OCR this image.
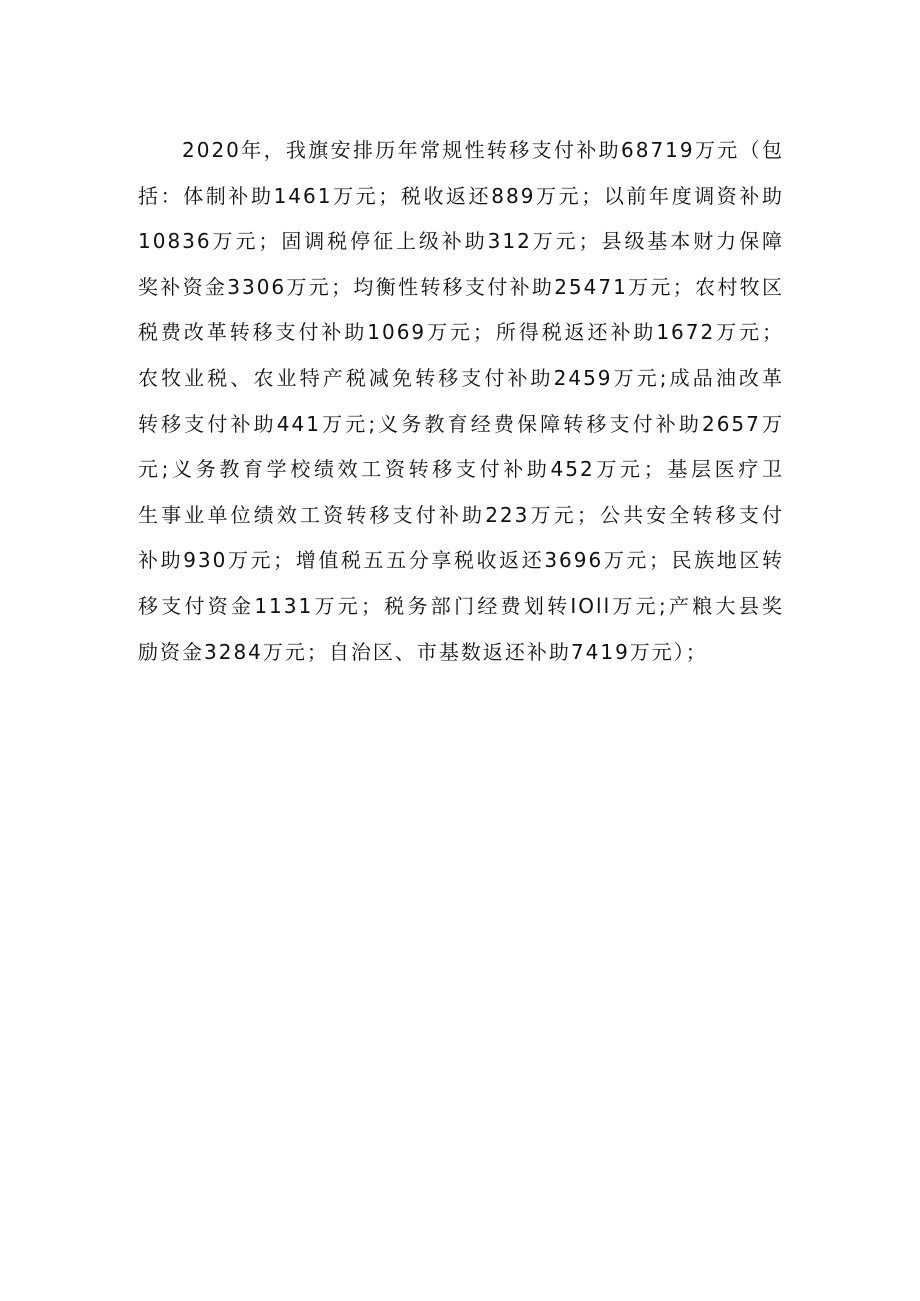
2020年，我旗安排历年常规性转移支付补助68719万元（包
括：体制补助1461万元；税收返还889万元；以前年度调资补助
10836万元；固调税停征上级补助312万元；县级基本财力保障
奖补资金3306万元；均衡性转移支付补助25471万元；农村牧区
税费改革转移支付补助1069万元；所得税返还补助1672万元；
农牧业税、农业特产税减免转移支付补助2459万元;成品油改革
转移支付补助441万元;义务教育经费保障转移支付补助2657万
元;义务教育学校绩效工资转移支付补助452万元；基层医疗卫
生事业单位绩效工资转移支付补助223万元；公共安全转移支付
补助930万元；增值税五五分享税收返还3696万元；民族地区转
移支付资金1131万元；税务部门经费划转IOll万元;产粮大县奖
励资金3284万元；自治区、市基数返还补助7419万元）；
